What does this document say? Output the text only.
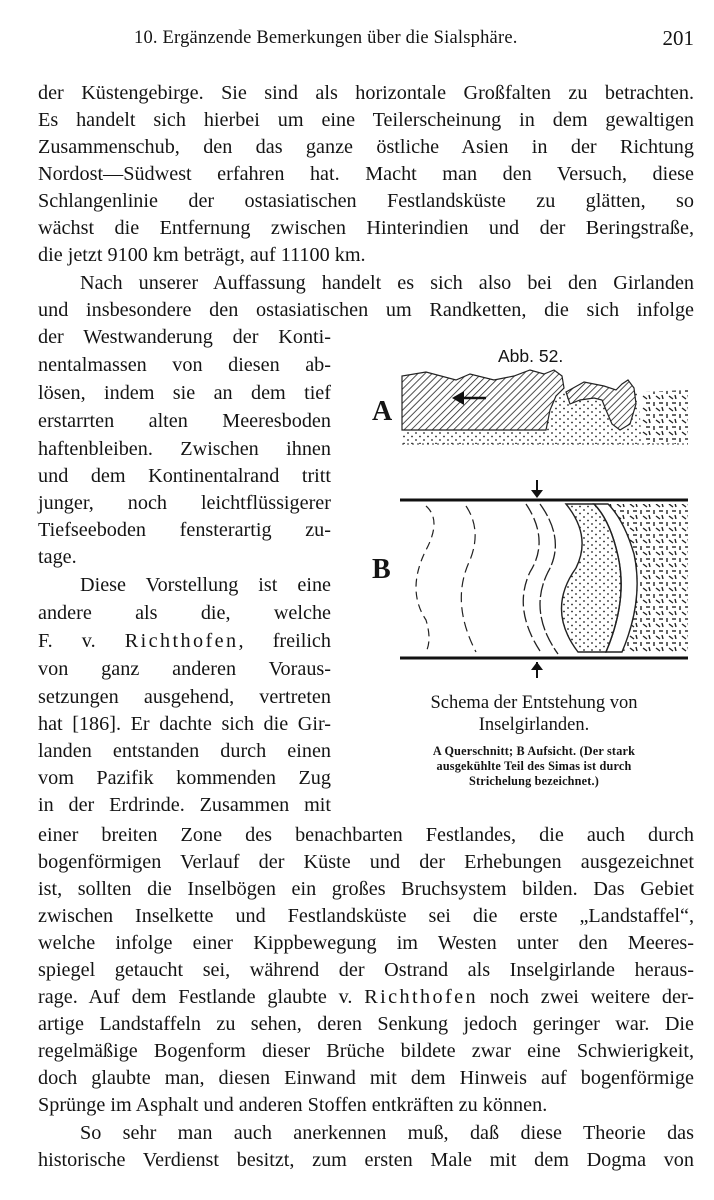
10. Ergänzende Bemerkungen über die Sialsphäre.	201
der Küstengebirge. Sie sind als horizontale Großfalten zu betrachten.
Es handelt sich hierbei um eine Teilerscheinung in dem gewaltigen
Zusammenschub, den das ganze östliche Asien in der Richtung
Nordost—Südwest erfahren hat. Macht man den Versuch, diese
Schlangenlinie der ostasiatischen Festlandsküste zu glätten, so
wächst die Entfernung zwischen Hinterindien und der Beringstraße,
die jetzt 9100 km beträgt, auf 11100 km.
Nach unserer Auffassung handelt es sich also bei den Girlanden
und insbesondere den ostasiatischen um Randketten, die sich infolge
der Westwanderung der Konti-
nentalmassen von diesen ab-
lösen, indem sie an dem tief
erstarrten alten Meeresboden
haftenbleiben. Zwischen ihnen
und dem Kontinentalrand tritt
junger, noch leichtflüssigerer
Tiefseeboden fensterartig zu-
tage.
Diese Vorstellung ist eine
andere als die, welche
F. v. Richthofen, freilich
von ganz anderen Voraus-
setzungen ausgehend, vertreten
hat [186]. Er dachte sich die Gir-
landen entstanden durch einen
vom Pazifik kommenden Zug
in der Erdrinde. Zusammen mit
einer breiten Zone des benachbarten Festlandes, die auch durch
bogenförmigen Verlauf der Küste und der Erhebungen ausgezeichnet
ist, sollten die Inselbögen ein großes Bruchsystem bilden. Das Gebiet
zwischen Inselkette und Festlandsküste sei die erste „Landstaffel“,
welche infolge einer Kippbewegung im Westen unter den Meeres-
spiegel getaucht sei, während der Ostrand als Inselgirlande heraus-
rage. Auf dem Festlande glaubte v. Richthofen noch zwei weitere der-
artige Landstaffeln zu sehen, deren Senkung jedoch geringer war. Die
regelmäßige Bogenform dieser Brüche bildete zwar eine Schwierigkeit,
doch glaubte man, diesen Einwand mit dem Hinweis auf bogenförmige
Sprünge im Asphalt und anderen Stoffen entkräften zu können.
So sehr man auch anerkennen muß, daß diese Theorie das
historische Verdienst besitzt, zum ersten Male mit dem Dogma von
Abb. 52.
A
B
Schema der Entstehung von
Inselgirlanden.
A Querschnitt; B Aufsicht. (Der stark
ausgekühlte Teil des Simas ist durch
Strichelung bezeichnet.)
